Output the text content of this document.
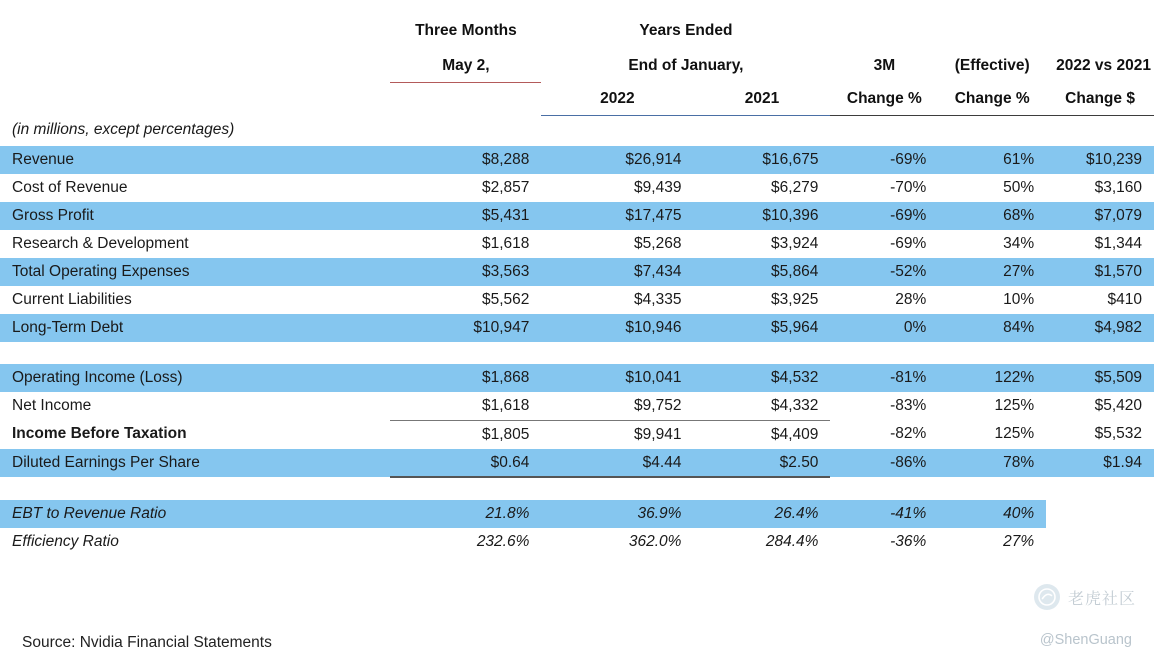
	Three Months	Years Ended				
	May 2,	End of January,		3M	(Effective)	2022 vs 2021
		2022	2021	Change %	Change %	Change $
(in millions, except percentages)						
Revenue	$8,288	$26,914	$16,675	-69%	61%	$10,239
Cost of Revenue	$2,857	$9,439	$6,279	-70%	50%	$3,160
Gross Profit	$5,431	$17,475	$10,396	-69%	68%	$7,079
Research & Development	$1,618	$5,268	$3,924	-69%	34%	$1,344
Total Operating Expenses	$3,563	$7,434	$5,864	-52%	27%	$1,570
Current Liabilities	$5,562	$4,335	$3,925	28%	10%	$410
Long-Term Debt	$10,947	$10,946	$5,964	0%	84%	$4,982

Operating Income (Loss)	$1,868	$10,041	$4,532	-81%	122%	$5,509
Net Income	$1,618	$9,752	$4,332	-83%	125%	$5,420
Income Before Taxation	$1,805	$9,941	$4,409	-82%	125%	$5,532
Diluted Earnings Per Share	$0.64	$4.44	$2.50	-86%	78%	$1.94

EBT to Revenue Ratio	21.8%	36.9%	26.4%	-41%	40%	
Efficiency Ratio	232.6%	362.0%	284.4%	-36%	27%	
Source: Nvidia Financial Statements
老虎社区
@ShenGuang
